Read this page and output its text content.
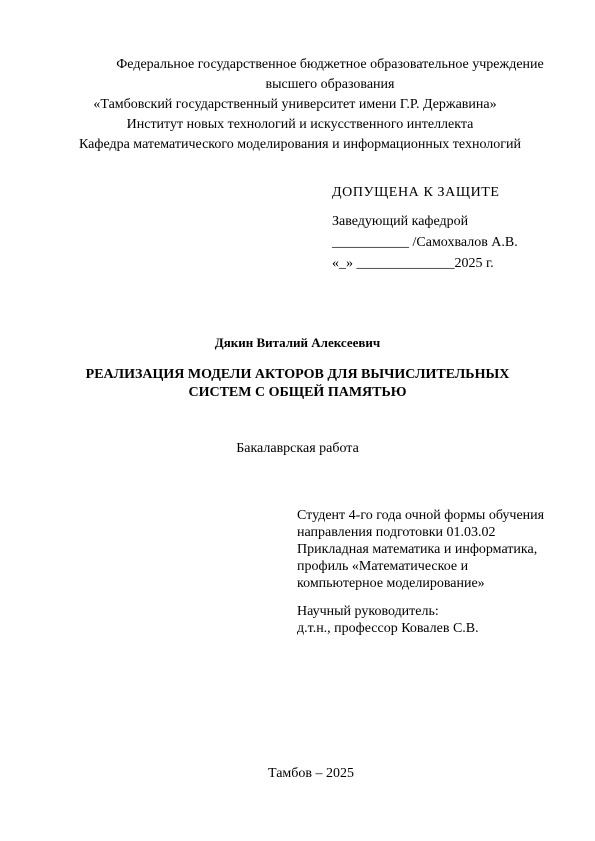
Федеральное государственное бюджетное образовательное учреждение
высшего образования
«Тамбовский государственный университет имени Г.Р. Державина»
Институт новых технологий и искусственного интеллекта
Кафедра математического моделирования и информационных технологий
ДОПУЩЕНА К ЗАЩИТЕ
Заведующий кафедрой
___________ /Самохвалов А.В.
«_» ______________2025 г.
Дякин Виталий Алексеевич
РЕАЛИЗАЦИЯ МОДЕЛИ АКТОРОВ ДЛЯ ВЫЧИСЛИТЕЛЬНЫХ
СИСТЕМ С ОБЩЕЙ ПАМЯТЬЮ
Бакалаврская работа
Студент 4-го года очной формы обучения
направления подготовки 01.03.02
Прикладная математика и информатика,
профиль «Математическое и
компьютерное моделирование»
Научный руководитель:
д.т.н., профессор Ковалев С.В.
Тамбов – 2025
